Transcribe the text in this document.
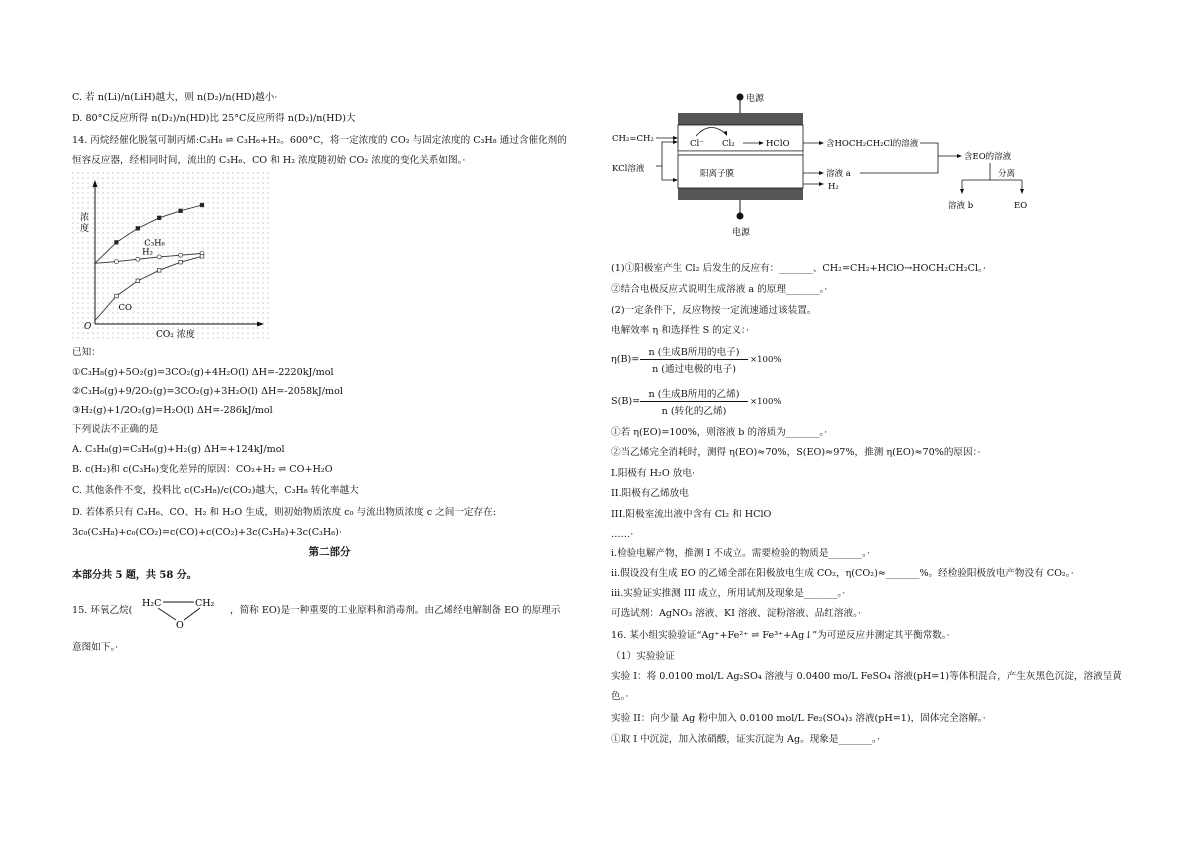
C. 若 n(Li)/n(LiH)越大，则 n(D₂)/n(HD)越小·
D. 80°C反应所得 n(D₂)/n(HD)比 25°C反应所得 n(D₂)/n(HD)大
14. 丙烷经催化脱氢可制丙烯:C₃H₈ ⇌ C₃H₆+H₂。600°C，将一定浓度的 CO₂ 与固定浓度的 C₃H₈ 通过含催化剂的
恒容反应器，经相同时间，流出的 C₃H₆、CO 和 H₂ 浓度随初始 CO₂ 浓度的变化关系如图。·
浓度
CO₂ 浓度
O
C₃H₆
H₂
CO
已知：
①C₃H₈(g)+5O₂(g)=3CO₂(g)+4H₂O(l) ΔH=-2220kJ/mol
②C₃H₆(g)+9/2O₂(g)=3CO₂(g)+3H₂O(l) ΔH=-2058kJ/mol
③H₂(g)+1/2O₂(g)=H₂O(l) ΔH=-286kJ/mol
下列说法不正确的是
A. C₃H₈(g)=C₃H₆(g)+H₂(g) ΔH=+124kJ/mol
B. c(H₂)和 c(C₃H₆)变化差异的原因：CO₂+H₂ ⇌ CO+H₂O
C. 其他条件不变，投料比 c(C₃H₈)/c(CO₂)越大，C₃H₈ 转化率越大
D. 若体系只有 C₃H₆、CO、H₂ 和 H₂O 生成，则初始物质浓度 c₀ 与流出物质浓度 c 之间一定存在:
3c₀(C₃H₈)+c₀(CO₂)=c(CO)+c(CO₂)+3c(C₃H₈)+3c(C₃H₆)·
第二部分
本部分共 5 题，共 58 分。
15. 环氧乙烷(
H₂C	CH₂
O
，简称 EO)是一种重要的工业原料和消毒剂。由乙烯经电解制备 EO 的原理示
意图如下。·
电源
电源
CH₂=CH₂
KCl溶液
Cl⁻ Cl₂	HClO
阳离子膜
含HOCH₂CH₂Cl的溶液
溶液 a
H₂
含EO的溶液
分离
溶液 b	EO
(1)①阳极室产生 Cl₂ 后发生的反应有：_______、CH₂=CH₂+HClO→HOCH₂CH₂Cl。·
②结合电极反应式说明生成溶液 a 的原理_______。·
(2)一定条件下，反应物按一定流速通过该装置。
电解效率 η 和选择性 S 的定义：·
η(B)=
n (生成B所用的电子)
n (通过电极的电子)
×100%
S(B)=
n (生成B所用的乙烯)
n (转化的乙烯)
×100%
①若 η(EO)=100%，则溶液 b 的溶质为_______。·
②当乙烯完全消耗时，测得 η(EO)≈70%，S(EO)≈97%，推测 η(EO)≈70%的原因：·
I.阳极有 H₂O 放电·
II.阳极有乙烯放电
III.阳极室流出液中含有 Cl₂ 和 HClO
……·
i.检验电解产物，推测 I 不成立。需要检验的物质是_______。·
ii.假设没有生成 EO 的乙烯全部在阳极放电生成 CO₂，η(CO₂)≈_______%。经检验阳极放电产物没有 CO₂。·
iii.实验证实推测 III 成立，所用试剂及现象是_______。·
可选试剂：AgNO₃ 溶液、KI 溶液、淀粉溶液、品红溶液。·
16. 某小组实验验证“Ag⁺+Fe²⁺ ⇌ Fe³⁺+Ag↓”为可逆反应并测定其平衡常数。·
（1）实验验证
实验 I：将 0.0100 mol/L Ag₂SO₄ 溶液与 0.0400 mo/L FeSO₄ 溶液(pH=1)等体积混合，产生灰黑色沉淀，溶液呈黄
色。·
实验 II：向少量 Ag 粉中加入 0.0100 mol/L Fe₂(SO₄)₃ 溶液(pH=1)，固体完全溶解。·
①取 I 中沉淀，加入浓硝酸，证实沉淀为 Ag。现象是_______。·
